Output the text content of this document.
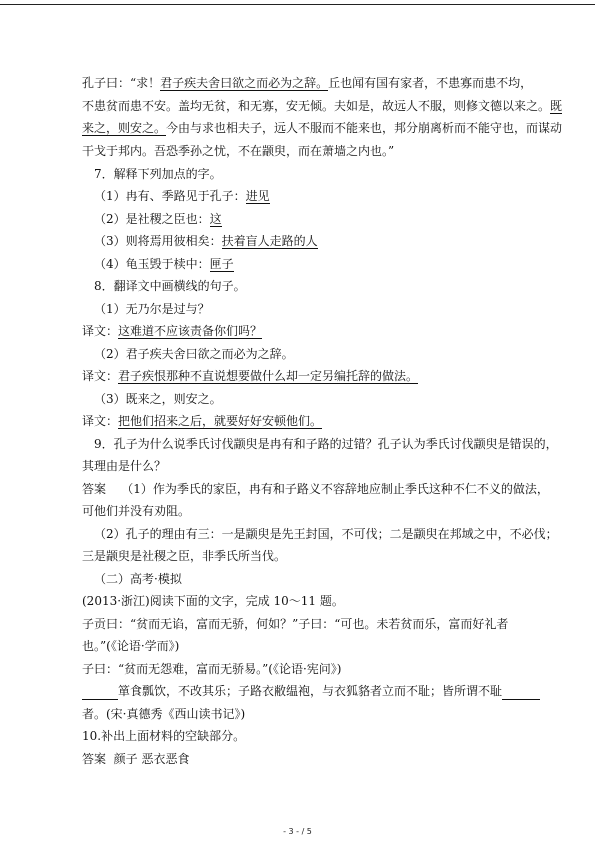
孔子曰：“求！君子疾夫舍曰欲之而必为之辞。丘也闻有国有家者，不患寡而患不均，
不患贫而患不安。盖均无贫，和无寡，安无倾。夫如是，故远人不服，则修文德以来之。既
来之，则安之。今由与求也相夫子，远人不服而不能来也，邦分崩离析而不能守也，而谋动
干戈于邦内。吾恐季孙之忧，不在颛臾，而在萧墙之内也。”
7．解释下列加点的字。
（1）冉有、季路见于孔子：进见
（2）是社稷之臣也：这
（3）则将焉用彼相矣：扶着盲人走路的人
（4）龟玉毁于椟中：匣子
8．翻译文中画横线的句子。
（1）无乃尔是过与？
译文：这难道不应该责备你们吗？
（2）君子疾夫舍曰欲之而必为之辞。
译文：君子疾恨那种不直说想要做什么却一定另编托辞的做法。
（3）既来之，则安之。
译文：把他们招来之后，就要好好安顿他们。
9．孔子为什么说季氏讨伐颛臾是冉有和子路的过错？孔子认为季氏讨伐颛臾是错误的，
其理由是什么？
答案 （1）作为季氏的家臣，冉有和子路义不容辞地应制止季氏这种不仁不义的做法，
可他们并没有劝阻。
（2）孔子的理由有三：一是颛臾是先王封国，不可伐；二是颛臾在邦域之中，不必伐；
三是颛臾是社稷之臣，非季氏所当伐。
（二）高考·模拟
(2013·浙江)阅读下面的文字，完成 10～11 题。
子贡曰：“贫而无谄，富而无骄，何如？”子曰：“可也。未若贫而乐，富而好礼者
也。”(《论语·学而》)
子曰：“贫而无怨难，富而无骄易。”(《论语·宪问》)
箪食瓢饮，不改其乐；子路衣敝缊袍，与衣狐貉者立而不耻；皆所谓不耻
者。(宋·真德秀《西山读书记》)
10.补出上面材料的空缺部分。
答案 颜子 恶衣恶食
- 3 - / 5
